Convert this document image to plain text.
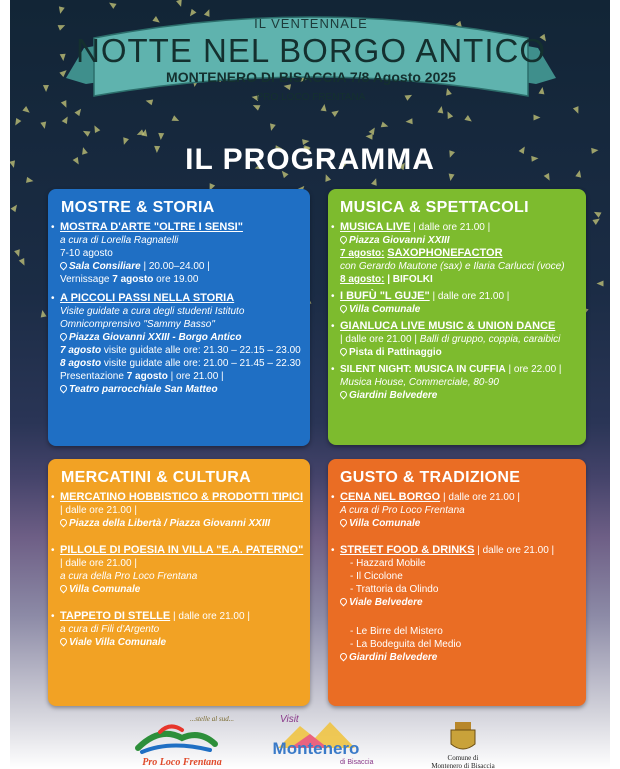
IL VENTENNALE
NOTTE NEL BORGO ANTICO
MONTENERO DI BISACCIA 7/8 Agosto 2025
PRO LOCO FRENTANA
IL PROGRAMMA
MOSTRE & STORIA
• MOSTRA D'ARTE "OLTRE I SENSI"
a cura di Lorella Ragnatelli
7-10 agosto
Sala Consiliare | 20.00–24.00 |
Vernissage 7 agosto ore 19.00
• A PICCOLI PASSI NELLA STORIA
Visite guidate a cura degli studenti Istituto Omnicomprensivo "Sammy Basso"
Piazza Giovanni XXIII - Borgo Antico
7 agosto visite guidate alle ore: 21.30 – 22.15 – 23.00
8 agosto visite guidate alle ore: 21.00 – 21.45 – 22.30
Presentazione 7 agosto | ore 21.00 |
Teatro parrocchiale San Matteo
MUSICA & SPETTACOLI
• MUSICA LIVE | dalle ore 21.00 |
Piazza Giovanni XXIII
7 agosto: SAXOPHONEFACTOR
con Gerardo Mautone (sax) e Ilaria Carlucci (voce)
8 agosto: | BIFOLKI
• I BUFÙ "L GUJE" | dalle ore 21.00 |
Villa Comunale
• GIANLUCA LIVE MUSIC & UNION DANCE
| dalle ore 21.00 | Balli di gruppo, coppia, caraibici
Pista di Pattinaggio
• SILENT NIGHT: MUSICA IN CUFFIA | ore 22.00 |
Musica House, Commerciale, 80-90
Giardini Belvedere
MERCATINI & CULTURA
• MERCATINO HOBBISTICO & PRODOTTI TIPICI
| dalle ore 21.00 |
Piazza della Libertà / Piazza Giovanni XXIII
• PILLOLE DI POESIA IN VILLA "E.A. PATERNO"
| dalle ore 21.00 |
a cura della Pro Loco Frentana
Villa Comunale
• TAPPETO DI STELLE | dalle ore 21.00 |
a cura di Fili d'Argento
Viale Villa Comunale
GUSTO & TRADIZIONE
• CENA NEL BORGO | dalle ore 21.00 |
A cura di Pro Loco Frentana
Villa Comunale
• STREET FOOD & DRINKS | dalle ore 21.00 |

- Hazzard Mobile
- Il Cicolone
- Trattoria da Olindo
Viale Belvedere
- Le Birre del Mistero
- La Bodeguita del Medio
Giardini Belvedere
...stelle al sud...
Pro Loco Frentana
Visit
Montenero
di Bisaccia
Comune di
Montenero di Bisaccia
